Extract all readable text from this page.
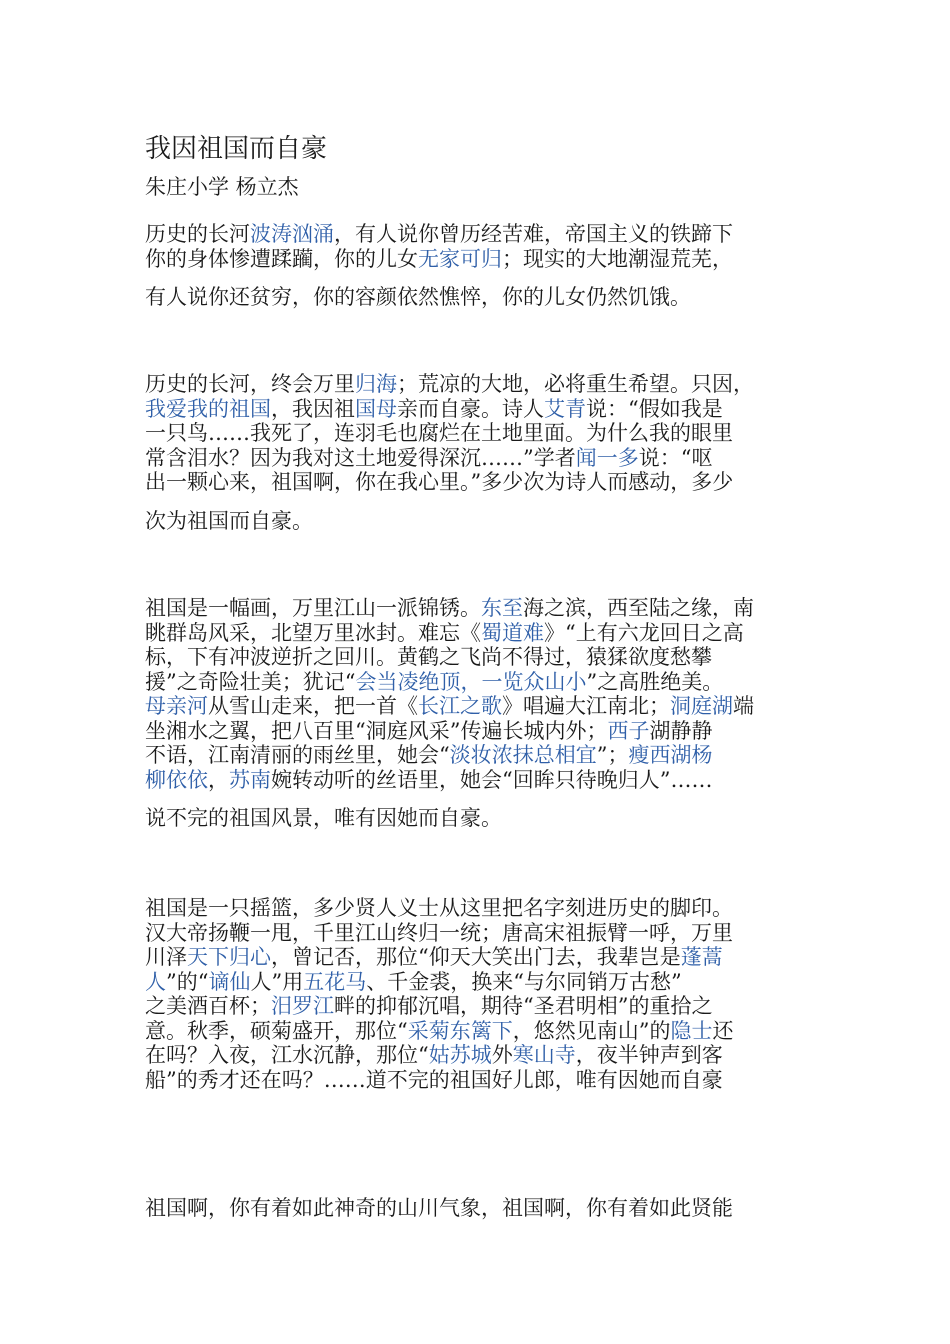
我因祖国而自豪
朱庄小学 杨立杰
历史的长河波涛汹涌，有人说你曾历经苦难，帝国主义的铁蹄下
你的身体惨遭蹂躏，你的儿女无家可归；现实的大地潮湿荒芜，
有人说你还贫穷，你的容颜依然憔悴，你的儿女仍然饥饿。
历史的长河，终会万里归海；荒凉的大地，必将重生希望。只因，
我爱我的祖国，我因祖国母亲而自豪。诗人艾青说：“假如我是
一只鸟……我死了，连羽毛也腐烂在土地里面。为什么我的眼里
常含泪水？因为我对这土地爱得深沉……”学者闻一多说：“呕
出一颗心来，祖国啊，你在我心里。”多少次为诗人而感动，多少
次为祖国而自豪。
祖国是一幅画，万里江山一派锦锈。东至海之滨，西至陆之缘，南
眺群岛风采，北望万里冰封。难忘《蜀道难》“上有六龙回日之高
标，下有冲波逆折之回川。黄鹤之飞尚不得过，猿猱欲度愁攀
援”之奇险壮美；犹记“会当凌绝顶，一览众山小”之高胜绝美。
母亲河从雪山走来，把一首《长江之歌》唱遍大江南北；洞庭湖端
坐湘水之翼，把八百里“洞庭风采”传遍长城内外；西子湖静静
不语，江南清丽的雨丝里，她会“淡妆浓抹总相宜”；瘦西湖杨
柳依依，苏南婉转动听的丝语里，她会“回眸只待晚归人”……
说不完的祖国风景，唯有因她而自豪。
祖国是一只摇篮，多少贤人义士从这里把名字刻进历史的脚印。
汉大帝扬鞭一甩，千里江山终归一统；唐高宋祖振臂一呼，万里
川泽天下归心，曾记否，那位“仰天大笑出门去，我辈岂是蓬蒿
人”的“谪仙人”用五花马、千金裘，换来“与尔同销万古愁”
之美酒百杯；汨罗江畔的抑郁沉唱，期待“圣君明相”的重拾之
意。秋季，硕菊盛开，那位“采菊东篱下，悠然见南山”的隐士还
在吗？入夜，江水沉静，那位“姑苏城外寒山寺，夜半钟声到客
船”的秀才还在吗？……道不完的祖国好儿郎，唯有因她而自豪
祖国啊，你有着如此神奇的山川气象，祖国啊，你有着如此贤能
